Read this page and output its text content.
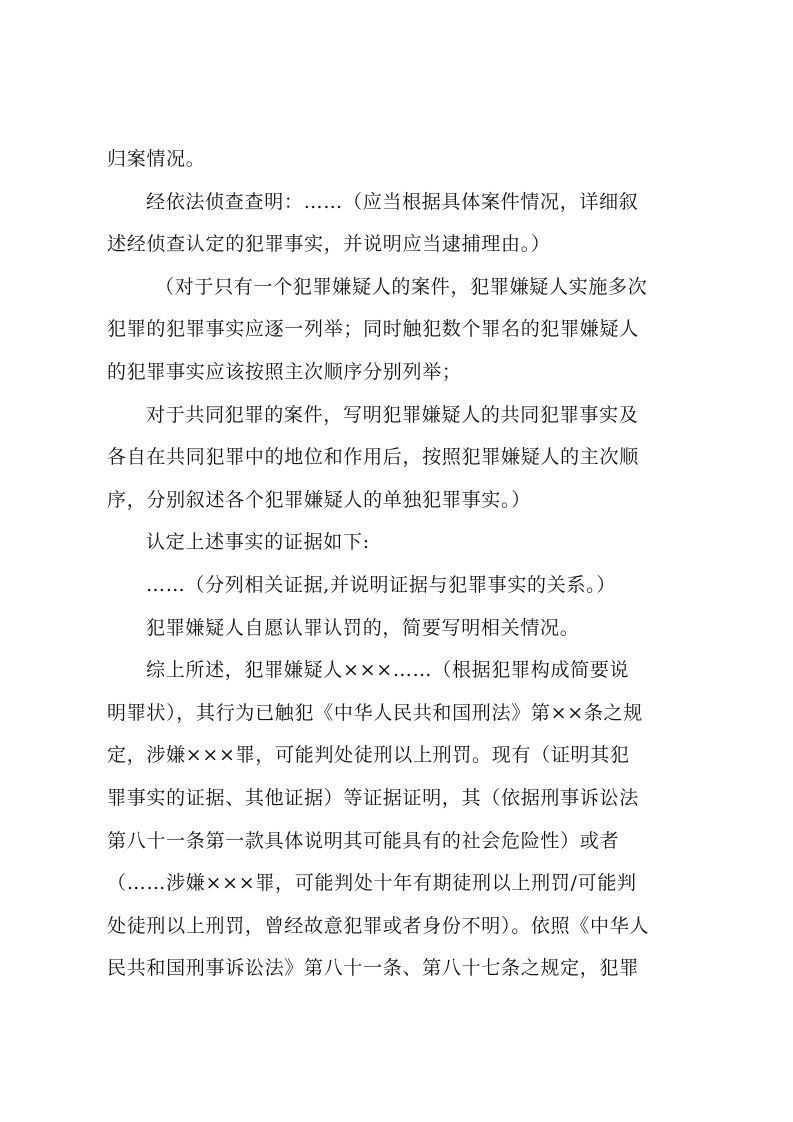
归案情况。
经依法侦查查明：……（应当根据具体案件情况，详细叙
述经侦查认定的犯罪事实，并说明应当逮捕理由。）
（对于只有一个犯罪嫌疑人的案件，犯罪嫌疑人实施多次
犯罪的犯罪事实应逐一列举；同时触犯数个罪名的犯罪嫌疑人
的犯罪事实应该按照主次顺序分别列举；
对于共同犯罪的案件，写明犯罪嫌疑人的共同犯罪事实及
各自在共同犯罪中的地位和作用后，按照犯罪嫌疑人的主次顺
序，分别叙述各个犯罪嫌疑人的单独犯罪事实。）
认定上述事实的证据如下:
……（分列相关证据,并说明证据与犯罪事实的关系。）
犯罪嫌疑人自愿认罪认罚的，简要写明相关情况。
综上所述，犯罪嫌疑人×××……（根据犯罪构成简要说
明罪状），其行为已触犯《中华人民共和国刑法》第××条之规
定，涉嫌×××罪，可能判处徒刑以上刑罚。现有（证明其犯
罪事实的证据、其他证据）等证据证明，其（依据刑事诉讼法
第八十一条第一款具体说明其可能具有的社会危险性）或者
（……涉嫌×××罪，可能判处十年有期徒刑以上刑罚/可能判
处徒刑以上刑罚，曾经故意犯罪或者身份不明）。依照《中华人
民共和国刑事诉讼法》第八十一条、第八十七条之规定，犯罪
